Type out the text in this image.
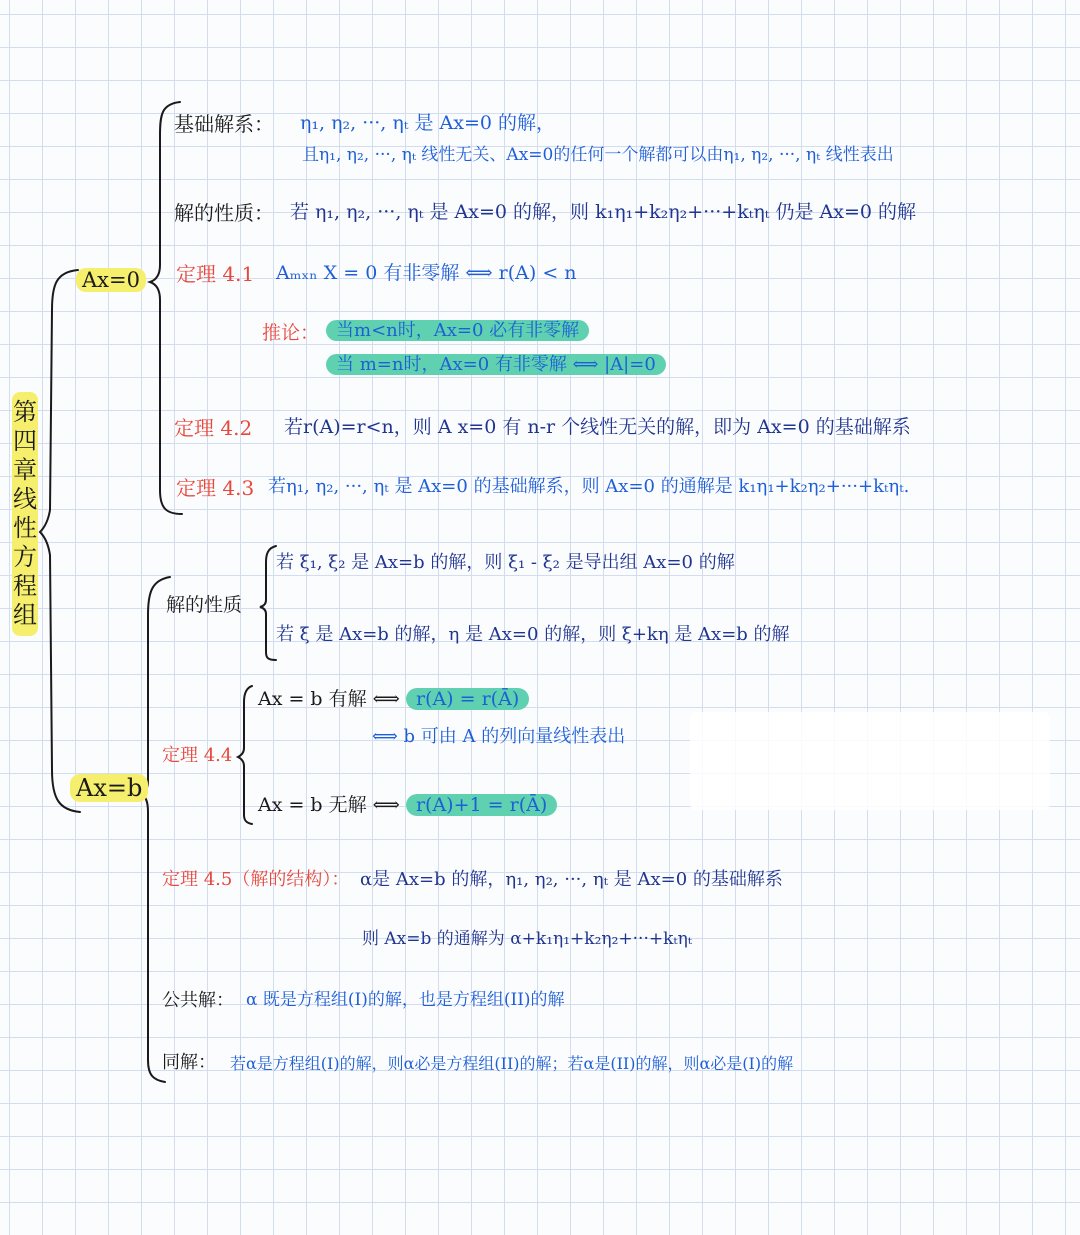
第四章线性方程组
Ax=0
基础解系： η₁, η₂, ···, ηₜ 是 Ax=0 的解，
且η₁, η₂, ···, ηₜ 线性无关、Ax=0的任何一个解都可以由η₁, η₂, ···, ηₜ 线性表出
解的性质： 若 η₁, η₂, ···, ηₜ 是 Ax=0 的解，则 k₁η₁+k₂η₂+···+kₜηₜ 仍是 Ax=0 的解
定理 4.1 Aₘₓₙ X = 0 有非零解 ⟺ r(A) < n
推论： 当m<n时，Ax=0 必有非零解
当 m=n时，Ax=0 有非零解 ⟺ |A|=0
定理 4.2 若r(A)=r<n，则 A x=0 有 n-r 个线性无关的解，即为 Ax=0 的基础解系
定理 4.3 若η₁, η₂, ···, ηₜ 是 Ax=0 的基础解系，则 Ax=0 的通解是 k₁η₁+k₂η₂+···+kₜηₜ.
Ax=b
解的性质
若 ξ₁, ξ₂ 是 Ax=b 的解，则 ξ₁ - ξ₂ 是导出组 Ax=0 的解
若 ξ 是 Ax=b 的解，η 是 Ax=0 的解，则 ξ+kη 是 Ax=b 的解
定理 4.4
Ax = b 有解 ⟺ r(A) = r(Ā)
⟺ b 可由 A 的列向量线性表出
Ax = b 无解 ⟺ r(A)+1 = r(Ā)
定理 4.5（解的结构）： α是 Ax=b 的解，η₁, η₂, ···, ηₜ 是 Ax=0 的基础解系
则 Ax=b 的通解为 α+k₁η₁+k₂η₂+···+kₜηₜ
公共解： α 既是方程组(I)的解，也是方程组(II)的解
同解： 若α是方程组(I)的解，则α必是方程组(II)的解；若α是(II)的解，则α必是(I)的解
